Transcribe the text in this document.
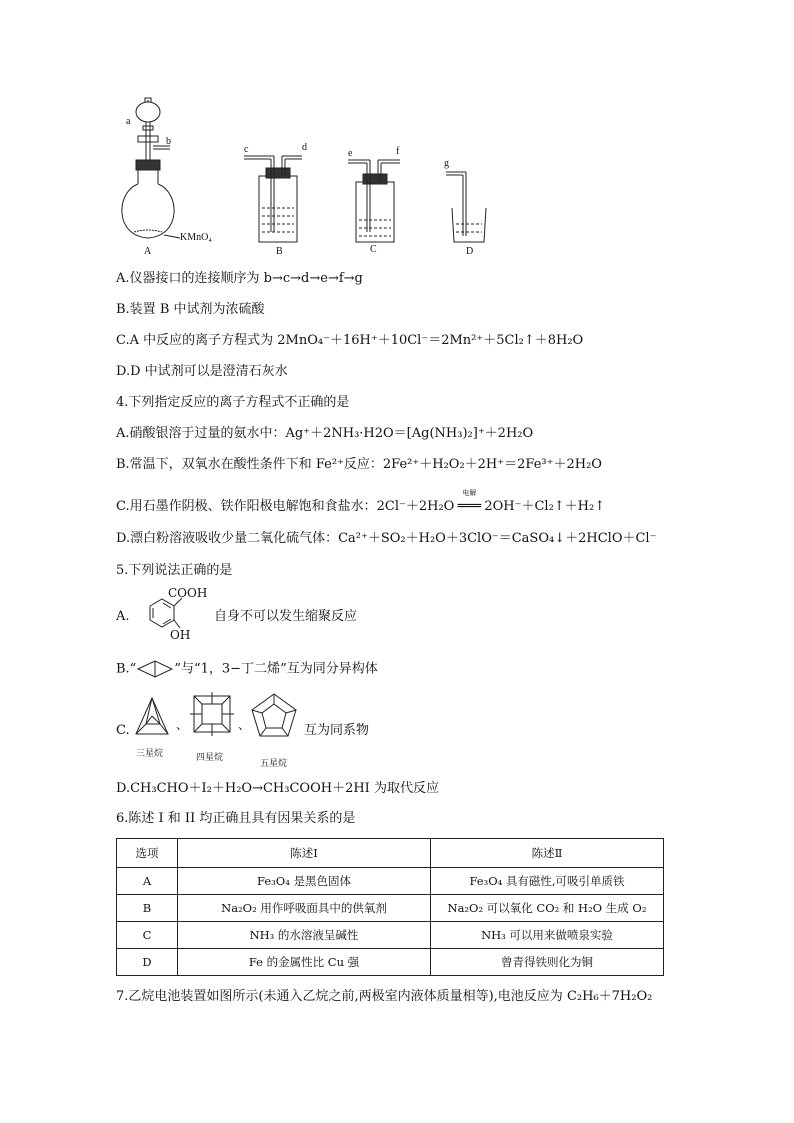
a
b
KMnO₄
A
c	d
B
e	f
C
g
D
A.仪器接口的连接顺序为 b→c→d→e→f→g
B.装置 B 中试剂为浓硫酸
C.A 中反应的离子方程式为 2MnO₄⁻＋16H⁺＋10Cl⁻＝2Mn²⁺＋5Cl₂↑＋8H₂O
D.D 中试剂可以是澄清石灰水
4.下列指定反应的离子方程式不正确的是
A.硝酸银溶于过量的氨水中：Ag⁺＋2NH₃·H2O＝[Ag(NH₃)₂]⁺＋2H₂O
B.常温下，双氧水在酸性条件下和 Fe²⁺反应：2Fe²⁺＋H₂O₂＋2H⁺＝2Fe³⁺＋2H₂O
C.用石墨作阴极、铁作阳极电解饱和食盐水：2Cl⁻＋2H₂O
电解
═══ 2OH⁻＋Cl₂↑＋H₂↑
D.漂白粉溶液吸收少量二氧化硫气体：Ca²⁺＋SO₂＋H₂O＋3ClO⁻＝CaSO₄↓＋2HClO＋Cl⁻
5.下列说法正确的是
A.
COOH
OH
自身不可以发生缩聚反应
B.“	”与“1，3−丁二烯”互为同分异构体
C.
三星烷
、
四星烷
、
五星烷
互为同系物
D.CH₃CHO＋I₂＋H₂O→CH₃COOH＋2HI 为取代反应
6.陈述 I 和 II 均正确且具有因果关系的是
选项	陈述Ⅰ	陈述Ⅱ
A	Fe₃O₄ 是黑色固体	Fe₃O₄ 具有磁性,可吸引单质铁
B	Na₂O₂ 用作呼吸面具中的供氧剂	Na₂O₂ 可以氧化 CO₂ 和 H₂O 生成 O₂
C	NH₃ 的水溶液呈碱性	NH₃ 可以用来做喷泉实验
D	Fe 的金属性比 Cu 强	曾青得铁则化为铜
7.乙烷电池装置如图所示(未通入乙烷之前,两极室内液体质量相等),电池反应为 C₂H₆＋7H₂O₂
